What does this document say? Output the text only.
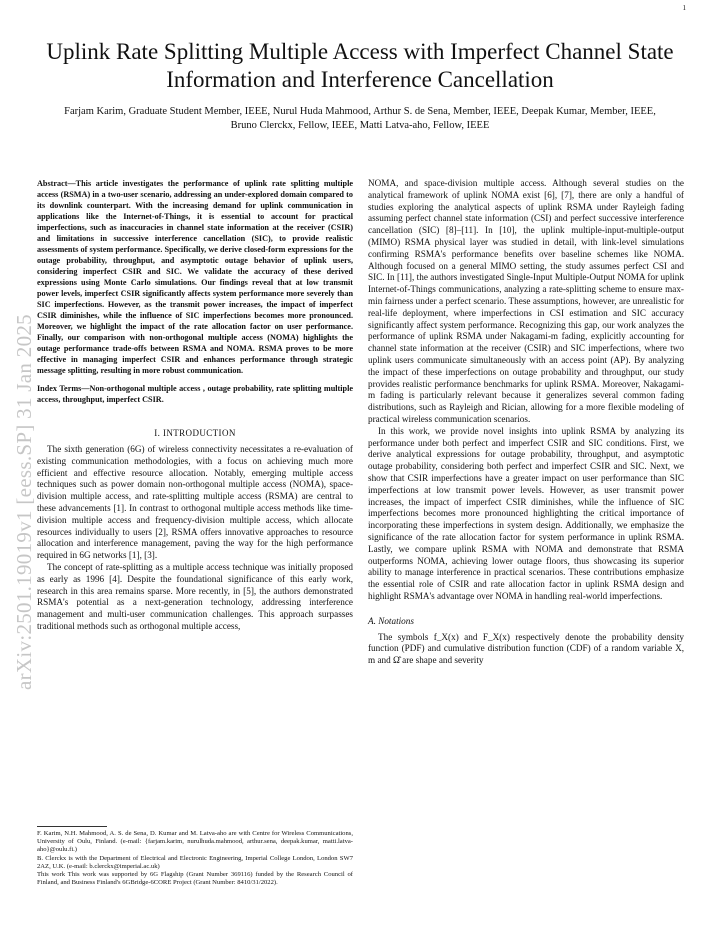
1
Uplink Rate Splitting Multiple Access with Imperfect Channel State Information and Interference Cancellation
Farjam Karim, Graduate Student Member, IEEE, Nurul Huda Mahmood, Arthur S. de Sena, Member, IEEE, Deepak Kumar, Member, IEEE, Bruno Clerckx, Fellow, IEEE, Matti Latva-aho, Fellow, IEEE
arXiv:2501.19019v1 [eess.SP] 31 Jan 2025

Abstract—This article investigates the performance of uplink rate splitting multiple access (RSMA) in a two-user scenario, addressing an under-explored domain compared to its downlink counterpart. With the increasing demand for uplink communication in applications like the Internet-of-Things, it is essential to account for practical imperfections, such as inaccuracies in channel state information at the receiver (CSIR) and limitations in successive interference cancellation (SIC), to provide realistic assessments of system performance. Specifically, we derive closed-form expressions for the outage probability, throughput, and asymptotic outage behavior of uplink users, considering imperfect CSIR and SIC. We validate the accuracy of these derived expressions using Monte Carlo simulations. Our findings reveal that at low transmit power levels, imperfect CSIR significantly affects system performance more severely than SIC imperfections. However, as the transmit power increases, the impact of imperfect CSIR diminishes, while the influence of SIC imperfections becomes more pronounced. Moreover, we highlight the impact of the rate allocation factor on user performance. Finally, our comparison with non-orthogonal multiple access (NOMA) highlights the outage performance trade-offs between RSMA and NOMA. RSMA proves to be more effective in managing imperfect CSIR and enhances performance through strategic message splitting, resulting in more robust communication.

Index Terms—Non-orthogonal multiple access , outage probability, rate splitting multiple access, throughput, imperfect CSIR.

I. INTRODUCTION

The sixth generation (6G) of wireless connectivity necessitates a re-evaluation of existing communication methodologies, with a focus on achieving much more efficient and effective resource allocation. Notably, emerging multiple access techniques such as power domain non-orthogonal multiple access (NOMA), space-division multiple access, and rate-splitting multiple access (RSMA) are central to these advancements [1]. In contrast to orthogonal multiple access methods like time-division multiple access and frequency-division multiple access, which allocate resources individually to users [2], RSMA offers innovative approaches to resource allocation and interference management, paving the way for the high performance required in 6G networks [1], [3].

The concept of rate-splitting as a multiple access technique was initially proposed as early as 1996 [4]. Despite the foundational significance of this early work, research in this area remains sparse. More recently, in [5], the authors demonstrated RSMA's potential as a next-generation technology, addressing interference management and multi-user communication challenges. This approach surpasses traditional methods such as orthogonal multiple access,

NOMA, and space-division multiple access. Although several studies on the analytical framework of uplink NOMA exist [6], [7], there are only a handful of studies exploring the analytical aspects of uplink RSMA under Rayleigh fading assuming perfect channel state information (CSI) and perfect successive interference cancellation (SIC) [8]–[11]. In [10], the uplink multiple-input-multiple-output (MIMO) RSMA physical layer was studied in detail, with link-level simulations confirming RSMA's performance benefits over baseline schemes like NOMA. Although focused on a general MIMO setting, the study assumes perfect CSI and SIC. In [11], the authors investigated Single-Input Multiple-Output NOMA for uplink Internet-of-Things communications, analyzing a rate-splitting scheme to ensure max-min fairness under a perfect scenario. These assumptions, however, are unrealistic for real-life deployment, where imperfections in CSI estimation and SIC accuracy significantly affect system performance. Recognizing this gap, our work analyzes the performance of uplink RSMA under Nakagami-m fading, explicitly accounting for channel state information at the receiver (CSIR) and SIC imperfections, where two uplink users communicate simultaneously with an access point (AP). By analyzing the impact of these imperfections on outage probability and throughput, our study provides realistic performance benchmarks for uplink RSMA. Moreover, Nakagami-m fading is particularly relevant because it generalizes several common fading distributions, such as Rayleigh and Rician, allowing for a more flexible modeling of practical wireless communication scenarios.

In this work, we provide novel insights into uplink RSMA by analyzing its performance under both perfect and imperfect CSIR and SIC conditions. First, we derive analytical expressions for outage probability, throughput, and asymptotic outage probability, considering both perfect and imperfect CSIR and SIC. Next, we show that CSIR imperfections have a greater impact on user performance than SIC imperfections at low transmit power levels. However, as user transmit power increases, the impact of imperfect CSIR diminishes, while the influence of SIC imperfections becomes more pronounced highlighting the critical importance of incorporating these imperfections in system design. Additionally, we emphasize the significance of the rate allocation factor for system performance in uplink RSMA. Lastly, we compare uplink RSMA with NOMA and demonstrate that RSMA outperforms NOMA, achieving lower outage floors, thus showcasing its superior ability to manage interference in practical scenarios. These contributions emphasize the essential role of CSIR and rate allocation factor in uplink RSMA design and highlight RSMA's advantage over NOMA in handling real-world imperfections.

A. Notations

The symbols f_X(x) and F_X(x) respectively denote the probability density function (PDF) and cumulative distribution function (CDF) of a random variable X, m and Ω̂ are shape and severity

F. Karim, N.H. Mahmood, A. S. de Sena, D. Kumar and M. Latva-aho are with Centre for Wireless Communications, University of Oulu, Finland. (e-mail: {farjam.karim, nurulhuda.mahmood, arthur.sena, deepak.kumar, matti.latva-aho}@oulu.fi.)

B. Clerckx is with the Department of Electrical and Electronic Engineering, Imperial College London, London SW7 2AZ, U.K. (e-mail: b.clerckx@imperial.ac.uk)

This work This work was supported by 6G Flagship (Grant Number 369116) funded by the Research Council of Finland, and Business Finland's 6GBridge-6CORE Project (Grant Number: 8410/31/2022).
